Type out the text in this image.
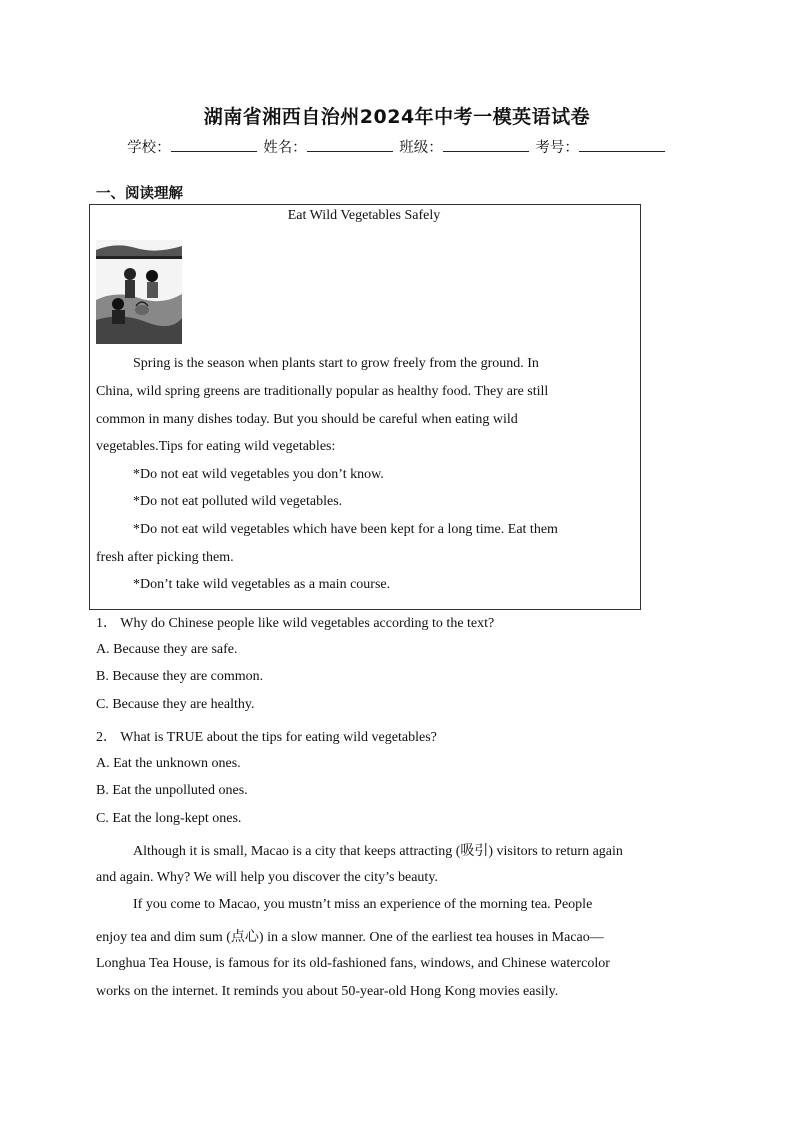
湖南省湘西自治州2024年中考一模英语试卷
学校：	姓名：	班级：	考号：
一、阅读理解
Eat Wild Vegetables Safely
Spring is the season when plants start to grow freely from the ground. In
China, wild spring greens are traditionally popular as healthy food. They are still
common in many dishes today. But you should be careful when eating wild
vegetables.Tips for eating wild vegetables:
*Do not eat wild vegetables you don’t know.
*Do not eat polluted wild vegetables.
*Do not eat wild vegetables which have been kept for a long time. Eat them
fresh after picking them.
*Don’t take wild vegetables as a main course.
1． Why do Chinese people like wild vegetables according to the text?
A. Because they are safe.
B. Because they are common.
C. Because they are healthy.
2． What is TRUE about the tips for eating wild vegetables?
A. Eat the unknown ones.
B. Eat the unpolluted ones.
C. Eat the long-kept ones.
Although it is small, Macao is a city that keeps attracting (吸引) visitors to return again
and again. Why? We will help you discover the city’s beauty.
If you come to Macao, you mustn’t miss an experience of the morning tea. People
enjoy tea and dim sum (点心) in a slow manner. One of the earliest tea houses in Macao—
Longhua Tea House, is famous for its old-fashioned fans, windows, and Chinese watercolor
works on the internet. It reminds you about 50-year-old Hong Kong movies easily.
